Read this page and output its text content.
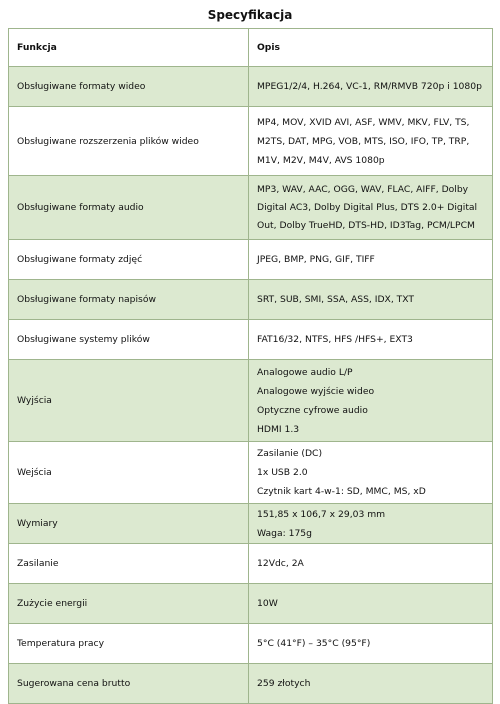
Specyfikacja
Funkcja	Opis
Obsługiwane formaty wideo	MPEG1/2/4, H.264, VC-1, RM/RMVB 720p i 1080p
Obsługiwane rozszerzenia plików wideo	MP4, MOV, XVID AVI, ASF, WMV, MKV, FLV, TS, M2TS, DAT, MPG, VOB, MTS, ISO, IFO, TP, TRP, M1V, M2V, M4V, AVS 1080p

Obsługiwane formaty audio	MP3, WAV, AAC, OGG, WAV, FLAC, AIFF, Dolby Digital AC3, Dolby Digital Plus, DTS 2.0+ Digital Out, Dolby TrueHD, DTS-HD, ID3Tag, PCM/LPCM

Obsługiwane formaty zdjęć	JPEG, BMP, PNG, GIF, TIFF
Obsługiwane formaty napisów	SRT, SUB, SMI, SSA, ASS, IDX, TXT
Obsługiwane systemy plików	FAT16/32, NTFS, HFS /HFS+, EXT3
Wyjścia	Analogowe audio L/P
Analogowe wyjście wideo
Optyczne cyfrowe audio
HDMI 1.3

Wejścia	Zasilanie (DC)
1x USB 2.0
Czytnik kart 4-w-1: SD, MMC, MS, xD

Wymiary	151,85 x 106,7 x 29,03 mm
Waga: 175g

Zasilanie	12Vdc, 2A
Zużycie energii	10W
Temperatura pracy	5°C (41°F) – 35°C (95°F)
Sugerowana cena brutto	259 złotych
